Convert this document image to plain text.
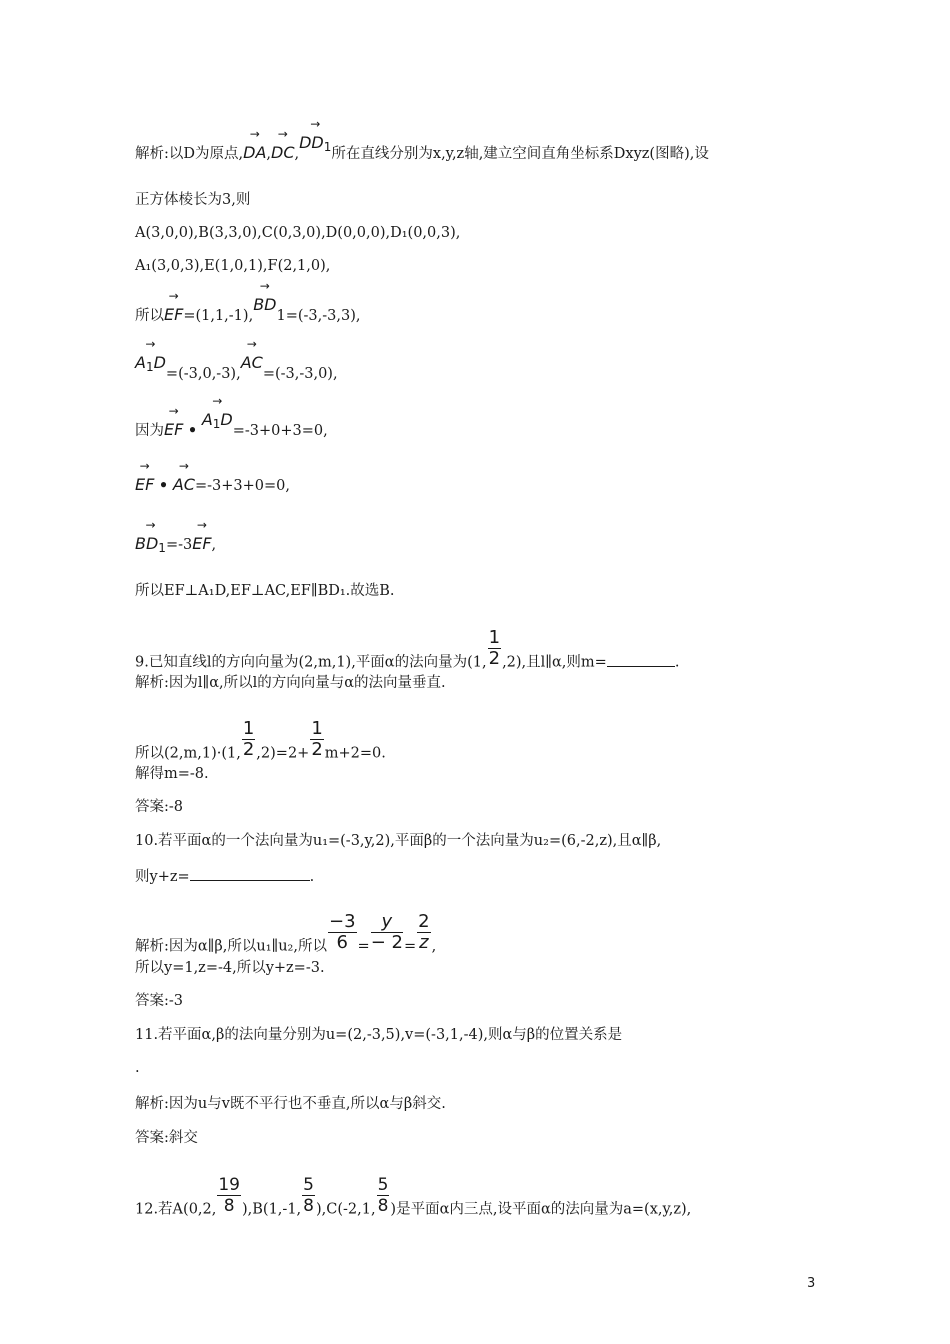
解析:以D为原点,
→
DA,
→
DC,
→
$DD_1$所在直线分别为x,y,z轴,建立空间直角坐标系Dxyz(图略),设
正方体棱长为3,则
A(3,0,0),B(3,3,0),C(0,3,0),D(0,0,0),D₁(0,0,3),
A₁(3,0,3),E(1,0,1),F(2,1,0),
所以
→
EF=(1,1,-1),
→
BD1=(-3,-3,3),
→
$A_1D=(-3,0,-3)$,
→
AC=(-3,-3,0),
因为
→
EF •
→
$A_1D=-3+0+3=0$,
→
EF •
→
AC=-3+3+0=0,
→
$BD_1=-3$
→
EF,
所以EF⊥A₁D,EF⊥AC,EF∥BD₁.故选B.
9.已知直线l的方向向量为(2,m,1),平面α的法向量为(1, $\frac{1}{2} ,2$),且l∥α,则m=	.
解析:因为l∥α,所以l的方向向量与α的法向量垂直.
所以(2,m,1)·(1, $\frac{1}{2} ,2)=2+ \frac{1}{2} m+2=0$.
解得m=-8.
答案:-8
10.若平面α的一个法向量为u₁=(-3,y,2),平面β的一个法向量为u₂=(6,-2,z),且α∥β,
则y+z=	.
解析:因为α∥β,所以u₁∥u₂,所以 $\frac{-3}{6} = \frac{y}{- 2} = \frac{2}{z}$ ,
所以y=1,z=-4,所以y+z=-3.
答案:-3
11.若平面α,β的法向量分别为u=(2,-3,5),v=(-3,1,-4),则α与β的位置关系是
.
解析:因为u与v既不平行也不垂直,所以α与β斜交.
答案:斜交
12.若A(0,2, $\frac{19}{8} ),B(1,-1$, $\frac{5}{8} ),C(-2,1$, $\frac{5}{8}$ )是平面α内三点,设平面α的法向量为a=(x,y,z),
3
